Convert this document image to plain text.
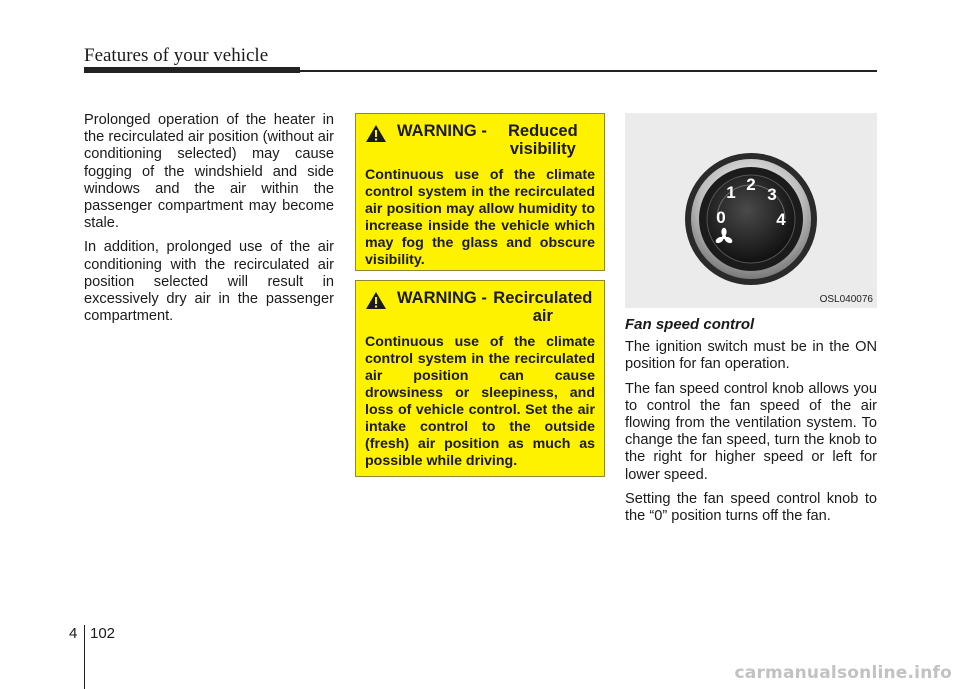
Features of your vehicle

Prolonged operation of the heater in the recirculated air position (without air conditioning selected) may cause fogging of the windshield and side windows and the air within the passenger compartment may become stale.

In addition, prolonged use of the air conditioning with the recirculated air position selected will result in excessively dry air in the passenger compartment.

WARNING - Reduced visibility
Continuous use of the climate control system in the recirculated air position may allow humidity to increase inside the vehicle which may fog the glass and obscure visibility.
WARNING - Recirculated air
Continuous use of the climate control system in the recirculated air position can cause drowsiness or sleepiness, and loss of vehicle control. Set the air intake control to the outside (fresh) air position as much as possible while driving.
0
1 2
3
4
OSL040076
Fan speed control

The ignition switch must be in the ON position for fan operation.

The fan speed control knob allows you to control the fan speed of the air flowing from the ventilation system. To change the fan speed, turn the knob to the right for higher speed or left for lower speed.

Setting the fan speed control knob to the “0” position turns off the fan.

4 102
carmanualsonline.info
